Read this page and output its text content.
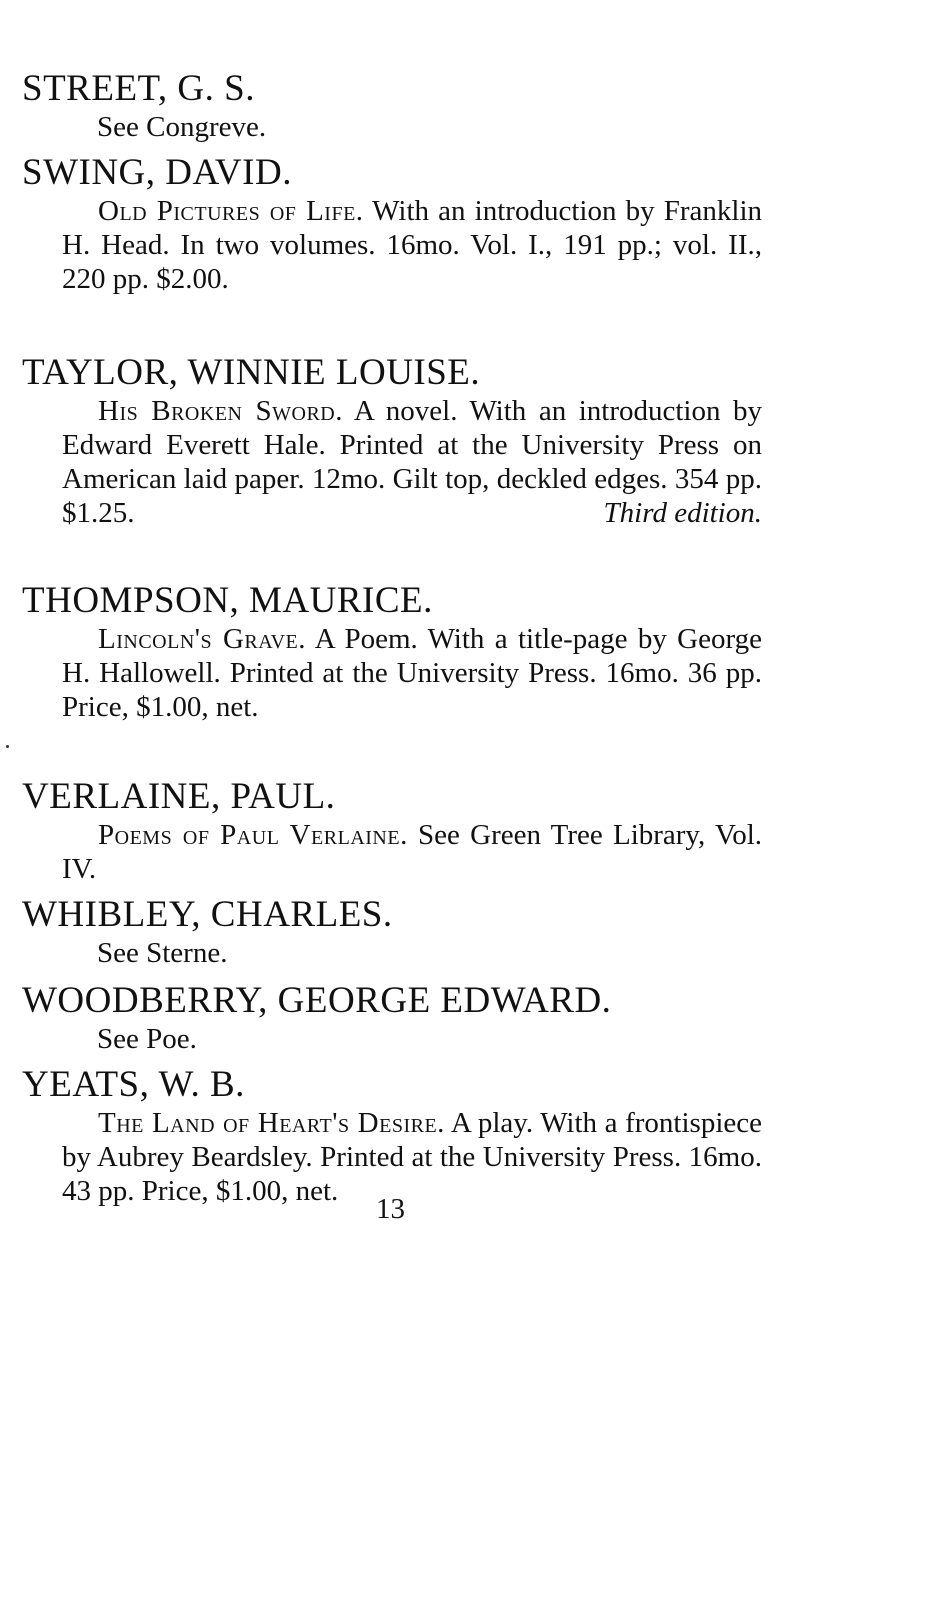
STREET, G. S.
See Congreve.
SWING, DAVID.
Old Pictures of Life. With an introduction by Franklin H. Head. In two volumes. 16mo. Vol. I., 191 pp.; vol. II., 220 pp. $2.00.
TAYLOR, WINNIE LOUISE.
His Broken Sword. A novel. With an introduction by Edward Everett Hale. Printed at the University Press on American laid paper. 12mo. Gilt top, deckled edges. 354 pp. $1.25.	Third edition.
THOMPSON, MAURICE.
Lincoln's Grave. A Poem. With a title-page by George H. Hallowell. Printed at the University Press. 16mo. 36 pp. Price, $1.00, net.
VERLAINE, PAUL.
Poems of Paul Verlaine. See Green Tree Library, Vol. IV.
WHIBLEY, CHARLES.
See Sterne.
WOODBERRY, GEORGE EDWARD.
See Poe.
YEATS, W. B.
The Land of Heart's Desire. A play. With a frontispiece by Aubrey Beardsley. Printed at the University Press. 16mo. 43 pp. Price, $1.00, net.
13
